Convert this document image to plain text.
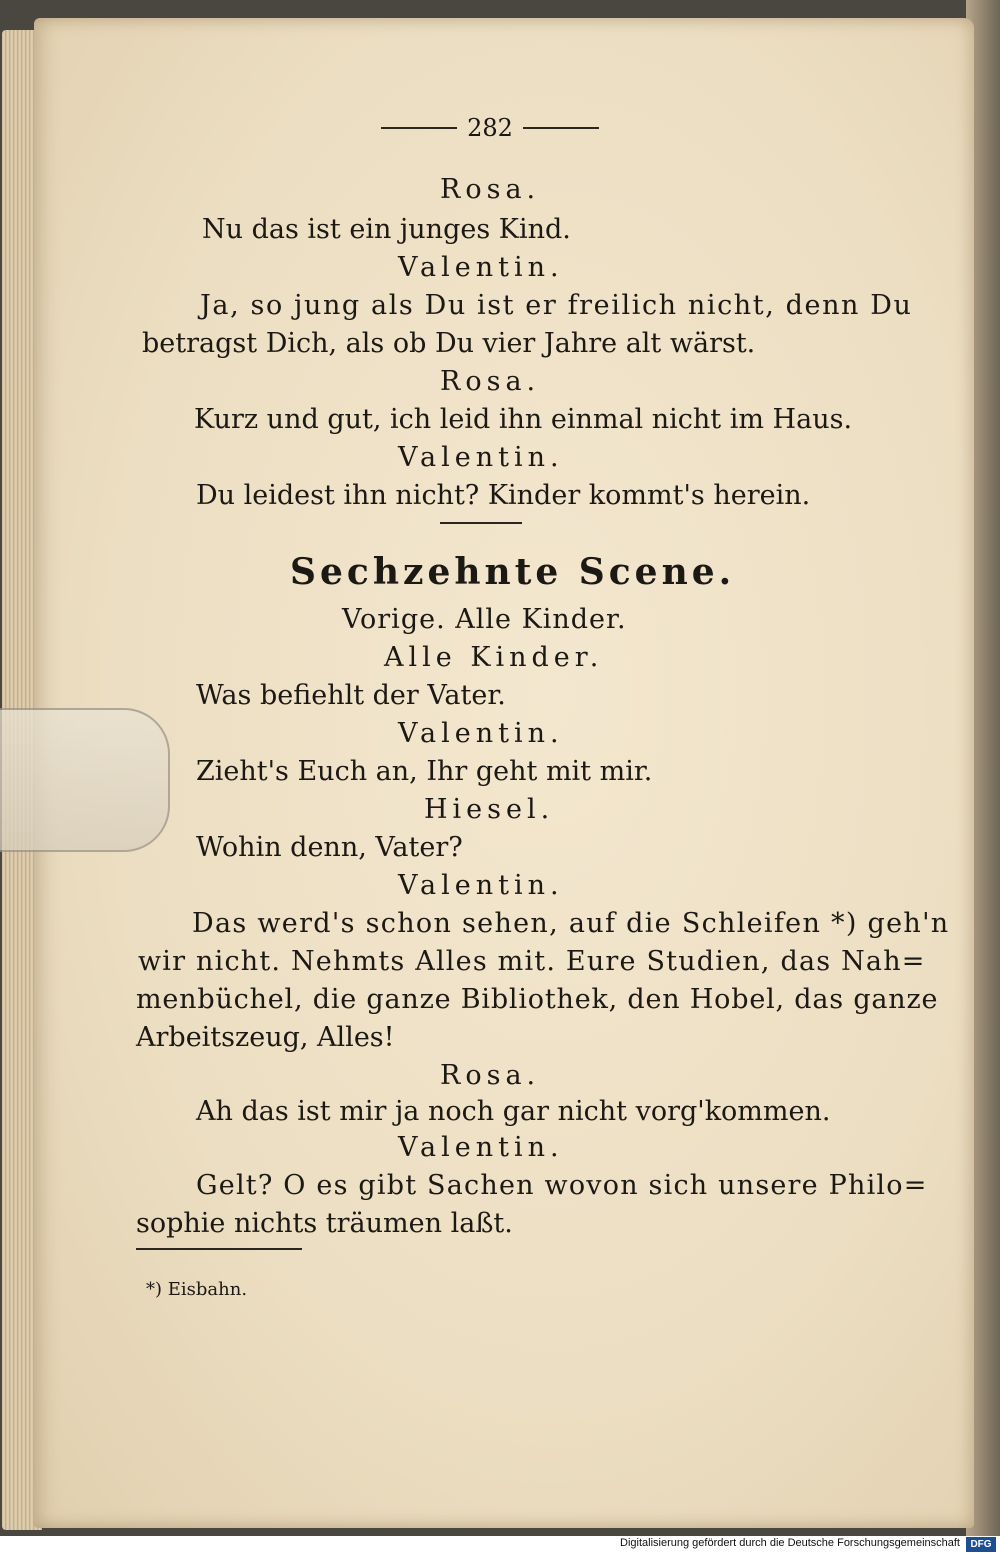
282
Rosa.
Nu das ist ein junges Kind.
Valentin.
Ja, so jung als Du ist er freilich nicht, denn Du
betragst Dich, als ob Du vier Jahre alt wärst.
Rosa.
Kurz und gut, ich leid ihn einmal nicht im Haus.
Valentin.
Du leidest ihn nicht? Kinder kommt's herein.
Sechzehnte Scene.
Vorige. Alle Kinder.
Alle Kinder.
Was befiehlt der Vater.
Valentin.
Zieht's Euch an, Ihr geht mit mir.
Hiesel.
Wohin denn, Vater?
Valentin.
Das werd's schon sehen, auf die Schleifen *) geh'n
wir nicht. Nehmts Alles mit. Eure Studien, das Nah=
menbüchel, die ganze Bibliothek, den Hobel, das ganze
Arbeitszeug, Alles!
Rosa.
Ah das ist mir ja noch gar nicht vorg'kommen.
Valentin.
Gelt? O es gibt Sachen wovon sich unsere Philo=
sophie nichts träumen laßt.
*) Eisbahn.
Digitalisierung gefördert durch die Deutsche Forschungsgemeinschaft	DFG
